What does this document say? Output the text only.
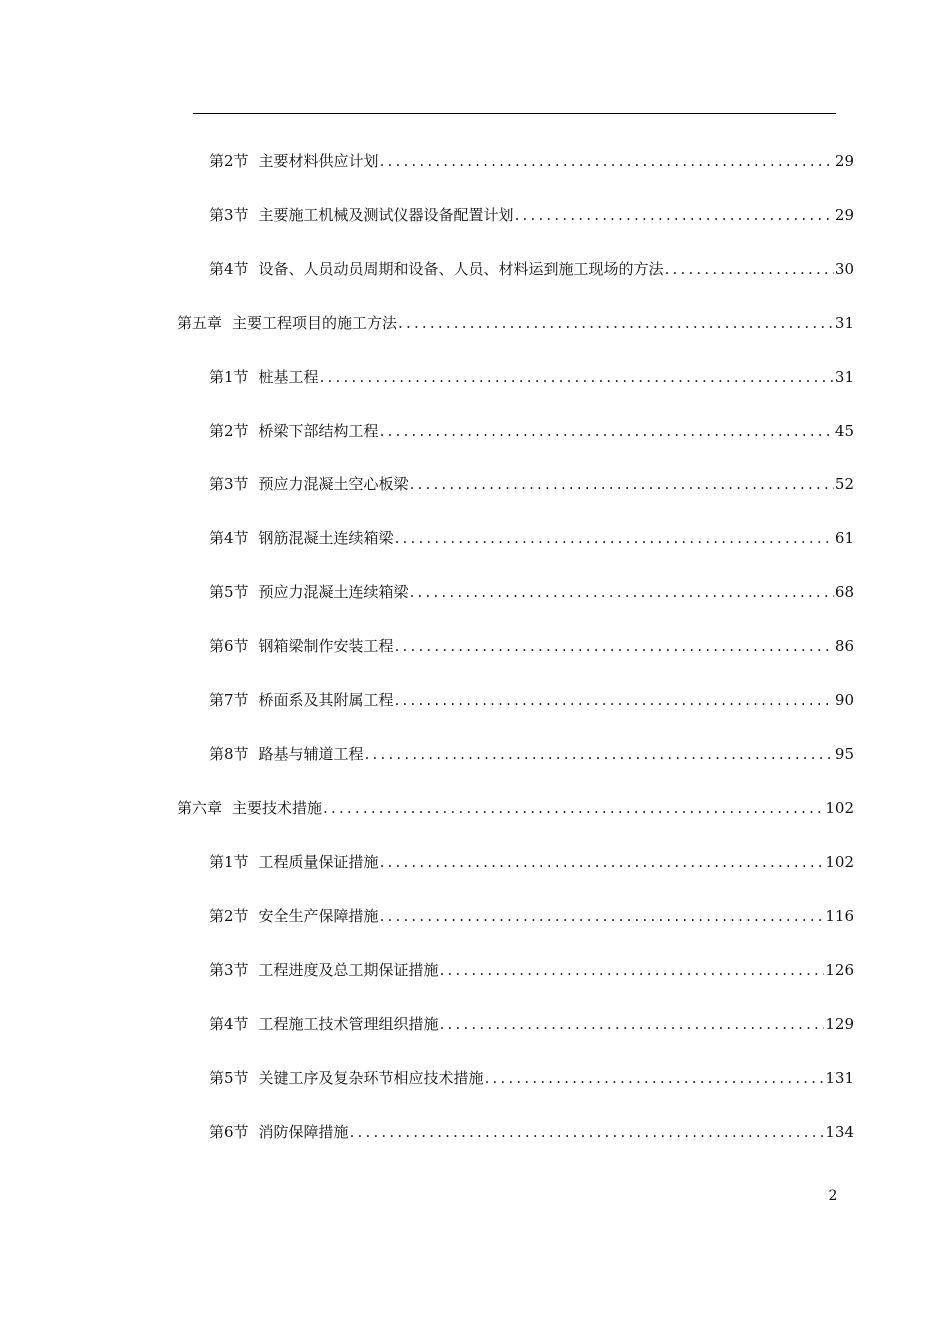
第2节 主要材料供应计划 .....	29
第3节 主要施工机械及测试仪器设备配置计划 .....	29
第4节 设备、人员动员周期和设备、人员、材料运到施工现场的方法 .....	30
第五章 主要工程项目的施工方法 .....	31
第1节 桩基工程 .....	31
第2节 桥梁下部结构工程 .....	45
第3节 预应力混凝土空心板梁 .....	52
第4节 钢筋混凝土连续箱梁 .....	61
第5节 预应力混凝土连续箱梁 .....	68
第6节 钢箱梁制作安装工程 .....	86
第7节 桥面系及其附属工程 .....	90
第8节 路基与辅道工程 .....	95
第六章 主要技术措施 .....	102
第1节 工程质量保证措施 .....	102
第2节 安全生产保障措施 .....	116
第3节 工程进度及总工期保证措施 .....	126
第4节 工程施工技术管理组织措施 .....	129
第5节 关键工序及复杂环节相应技术措施 .....	131
第6节 消防保障措施 .....	134
2
